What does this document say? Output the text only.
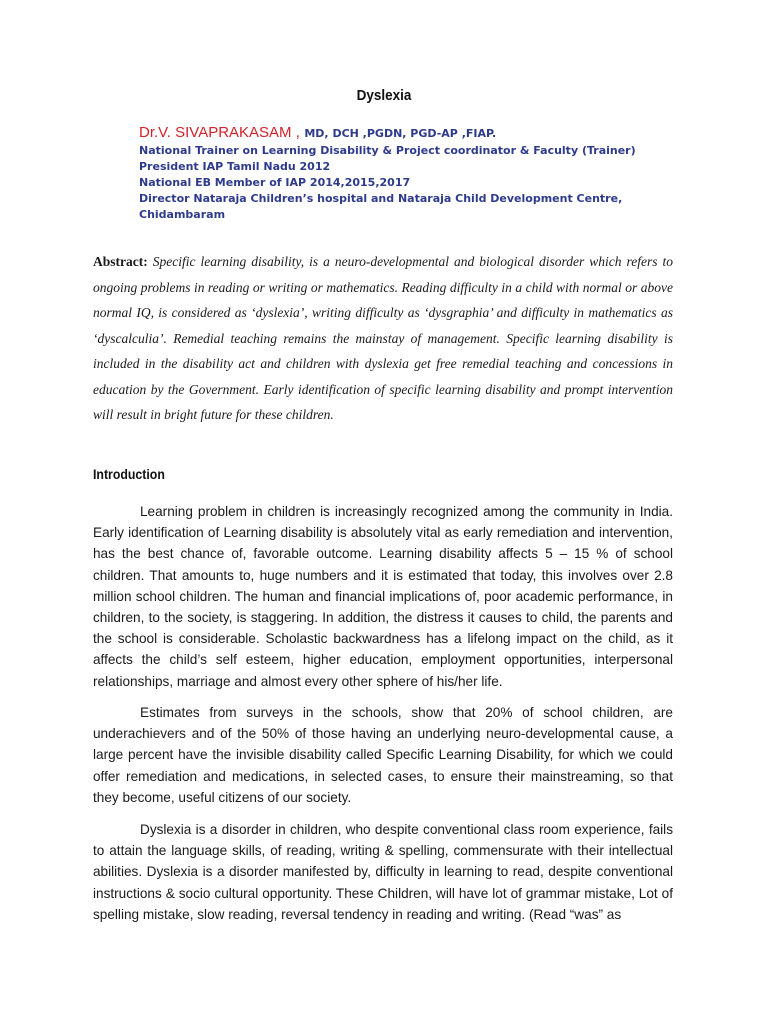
Dyslexia
Dr.V. SIVAPRAKASAM , MD, DCH ,PGDN, PGD-AP ,FIAP.
National Trainer on Learning Disability & Project coordinator & Faculty (Trainer)
President IAP Tamil Nadu 2012
National EB Member of IAP 2014,2015,2017
Director Nataraja Children’s hospital and Nataraja Child Development Centre,
Chidambaram
Abstract: Specific learning disability, is a neuro-developmental and biological disorder which refers to ongoing problems in reading or writing or mathematics. Reading difficulty in a child with normal or above normal IQ, is considered as ‘dyslexia’, writing difficulty as ‘dysgraphia’ and difficulty in mathematics as ‘dyscalculia’. Remedial teaching remains the mainstay of management. Specific learning disability is included in the disability act and children with dyslexia get free remedial teaching and concessions in education by the Government. Early identification of specific learning disability and prompt intervention will result in bright future for these children.
Introduction

Learning problem in children is increasingly recognized among the community in India. Early identification of Learning disability is absolutely vital as early remediation and intervention, has the best chance of, favorable outcome. Learning disability affects 5 – 15 % of school children. That amounts to, huge numbers and it is estimated that today, this involves over 2.8 million school children. The human and financial implications of, poor academic performance, in children, to the society, is staggering. In addition, the distress it causes to child, the parents and the school is considerable. Scholastic backwardness has a lifelong impact on the child, as it affects the child’s self esteem, higher education, employment opportunities, interpersonal relationships, marriage and almost every other sphere of his/her life.

Estimates from surveys in the schools, show that 20% of school children, are underachievers and of the 50% of those having an underlying neuro-developmental cause, a large percent have the invisible disability called Specific Learning Disability, for which we could offer remediation and medications, in selected cases, to ensure their mainstreaming, so that they become, useful citizens of our society.

Dyslexia is a disorder in children, who despite conventional class room experience, fails to attain the language skills, of reading, writing & spelling, commensurate with their intellectual abilities. Dyslexia is a disorder manifested by, difficulty in learning to read, despite conventional instructions & socio cultural opportunity. These Children, will have lot of grammar mistake, Lot of spelling mistake, slow reading, reversal tendency in reading and writing. (Read “was” as
